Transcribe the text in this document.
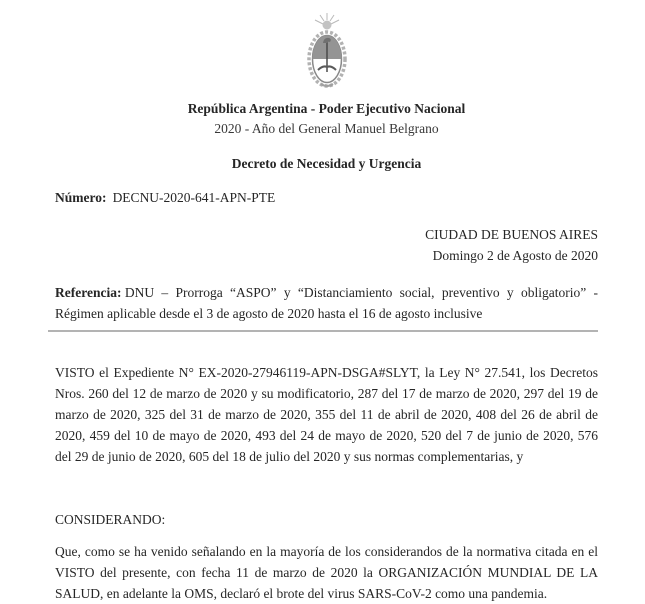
República Argentina - Poder Ejecutivo Nacional
2020 - Año del General Manuel Belgrano
Decreto de Necesidad y Urgencia

Número: DECNU-2020-641-APN-PTE

CIUDAD DE BUENOS AIRES
Domingo 2 de Agosto de 2020

Referencia: DNU – Prorroga “ASPO” y “Distanciamiento social, preventivo y obligatorio” - Régimen aplicable desde el 3 de agosto de 2020 hasta el 16 de agosto inclusive

VISTO el Expediente N° EX-2020-27946119-APN-DSGA#SLYT, la Ley N° 27.541, los Decretos Nros. 260 del 12 de marzo de 2020 y su modificatorio, 287 del 17 de marzo de 2020, 297 del 19 de marzo de 2020, 325 del 31 de marzo de 2020, 355 del 11 de abril de 2020, 408 del 26 de abril de 2020, 459 del 10 de mayo de 2020, 493 del 24 de mayo de 2020, 520 del 7 de junio de 2020, 576 del 29 de junio de 2020, 605 del 18 de julio del 2020 y sus normas complementarias, y

CONSIDERANDO:

Que, como se ha venido señalando en la mayoría de los considerandos de la normativa citada en el VISTO del presente, con fecha 11 de marzo de 2020 la ORGANIZACIÓN MUNDIAL DE LA SALUD, en adelante la OMS, declaró el brote del virus SARS-CoV-2 como una pandemia.
